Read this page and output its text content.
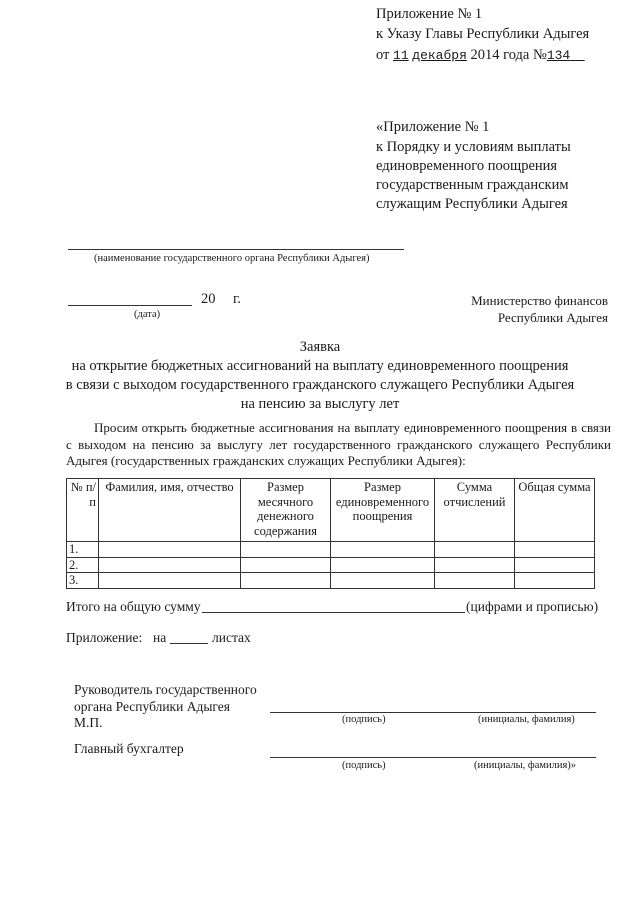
Приложение № 1
к Указу Главы Республики Адыгея
от 11 декабря 2014 года №134
«Приложение № 1
к Порядку и условиям выплаты
единовременного поощрения
государственным гражданским
служащим Республики Адыгея
(наименование государственного органа Республики Адыгея)
20 г.
(дата)
Министерство финансов
Республики Адыгея
Заявка
на открытие бюджетных ассигнований на выплату единовременного поощрения
в связи с выходом государственного гражданского служащего Республики Адыгея
на пенсию за выслугу лет
Просим открыть бюджетные ассигнования на выплату единовременного поощрения в связи с выходом на пенсию за выслугу лет государственного гражданского служащего Республики Адыгея (государственных гражданских служащих Республики Адыгея):
№ п/п	Фамилия, имя, отчество	Размер месячного денежного содержания	Размер единовременного поощрения	Сумма отчислений	Общая сумма
1.					
2.					
3.					
Итого на общую сумму	(цифрами и прописью)
Приложение: на	листах
Руководитель государственного
органа Республики Адыгея
М.П.	(подпись)	(инициалы, фамилия)
Главный бухгалтер
(подпись)	(инициалы, фамилия)»
